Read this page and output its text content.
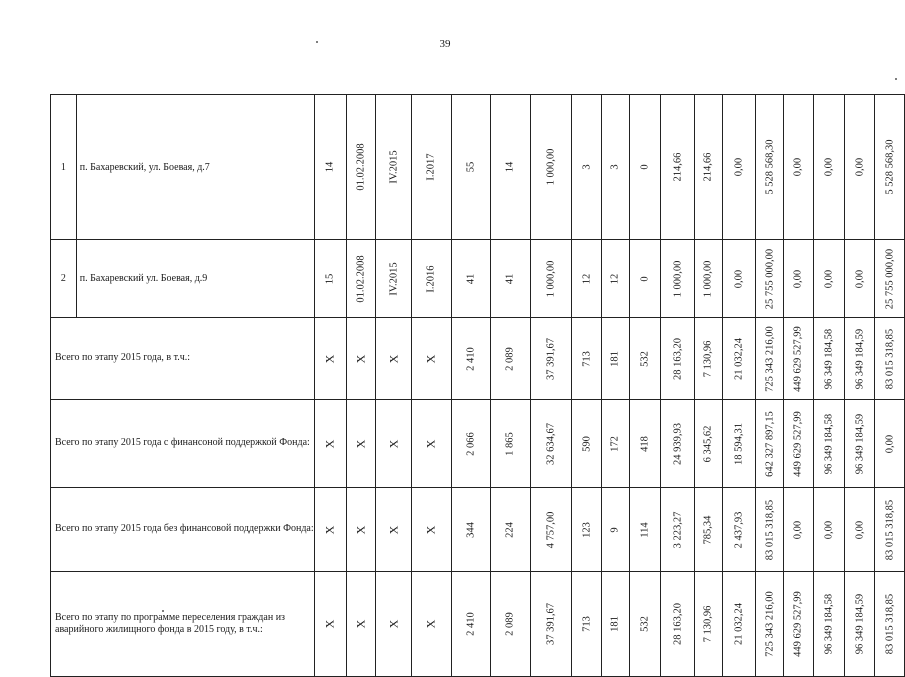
39
1	п. Бахаревский, ул. Боевая, д.7	14	01.02.2008	IV.2015	I.2017	55	14	1 000,00	3	3	0	214,66	214,66	0,00	5 528 568,30	0,00	0,00	0,00	5 528 568,30

2	п. Бахаревский ул. Боевая, д.9	15	01.02.2008	IV.2015	I.2016	41	41	1 000,00	12	12	0	1 000,00	1 000,00	0,00	25 755 000,00	0,00	0,00	0,00	25 755 000,00

Всего по этапу 2015 года, в т.ч.:		Х	Х	Х	Х	2 410	2 089	37 391,67	713	181	532	28 163,20	7 130,96	21 032,24	725 343 216,00	449 629 527,99	96 349 184,58	96 349 184,59	83 015 318,85

Всего по этапу 2015 года с финансоной поддержкой Фонда:		Х	Х	Х	Х	2 066	1 865	32 634,67	590	172	418	24 939,93	6 345,62	18 594,31	642 327 897,15	449 629 527,99	96 349 184,58	96 349 184,59	0,00

Всего по этапу 2015 года без финансовой поддержки Фонда:		Х	Х	Х	Х	344	224	4 757,00	123	9	114	3 223,27	785,34	2 437,93	83 015 318,85	0,00	0,00	0,00	83 015 318,85

Всего по этапу по программе переселения граждан из аварийного жилищного фонда в 2015 году, в т.ч.:		Х	Х	Х	Х	2 410	2 089	37 391,67	713	181	532	28 163,20	7 130,96	21 032,24	725 343 216,00	449 629 527,99	96 349 184,58	96 349 184,59	83 015 318,85
